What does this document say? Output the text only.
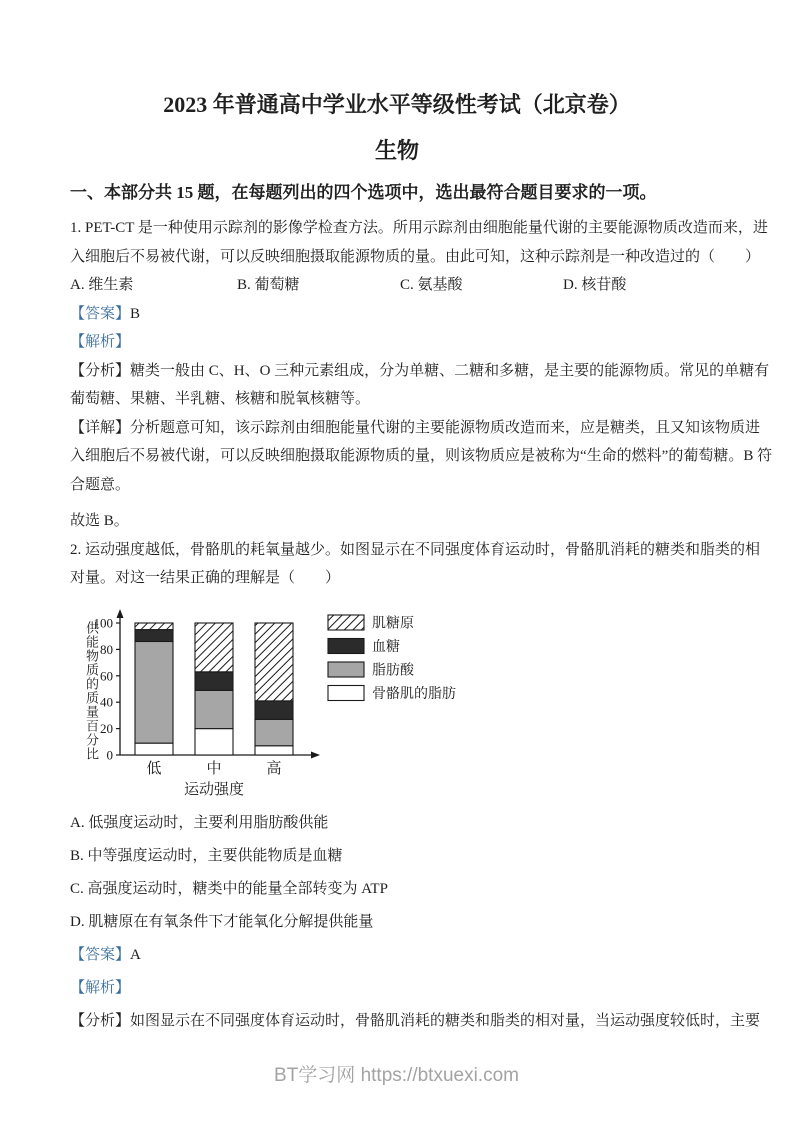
2023 年普通高中学业水平等级性考试（北京卷）
生物
一、本部分共 15 题，在每题列出的四个选项中，选出最符合题目要求的一项。
1. PET-CT 是一种使用示踪剂的影像学检查方法。所用示踪剂由细胞能量代谢的主要能源物质改造而来，进
入细胞后不易被代谢，可以反映细胞摄取能源物质的量。由此可知，这种示踪剂是一种改造过的（　　）
A. 维生素	B. 葡萄糖	C. 氨基酸	D. 核苷酸
【答案】B
【解析】
【分析】糖类一般由 C、H、O 三种元素组成，分为单糖、二糖和多糖，是主要的能源物质。常见的单糖有
葡萄糖、果糖、半乳糖、核糖和脱氧核糖等。
【详解】分析题意可知，该示踪剂由细胞能量代谢的主要能源物质改造而来，应是糖类，且又知该物质进
入细胞后不易被代谢，可以反映细胞摄取能源物质的量，则该物质应是被称为“生命的燃料”的葡萄糖。B 符
合题意。
故选 B。
2. 运动强度越低，骨骼肌的耗氧量越少。如图显示在不同强度体育运动时，骨骼肌消耗的糖类和脂类的相
对量。对这一结果正确的理解是（　　）
0
20
40
60
80
100
低	中	高
运动强度
肌糖原
血糖
脂肪酸
骨骼肌的脂肪
供能物质的质量百分比
A. 低强度运动时，主要利用脂肪酸供能
B. 中等强度运动时，主要供能物质是血糖
C. 高强度运动时，糖类中的能量全部转变为 ATP
D. 肌糖原在有氧条件下才能氧化分解提供能量
【答案】A
【解析】
【分析】如图显示在不同强度体育运动时，骨骼肌消耗的糖类和脂类的相对量，当运动强度较低时，主要
BT学习网 https://btxuexi.com
